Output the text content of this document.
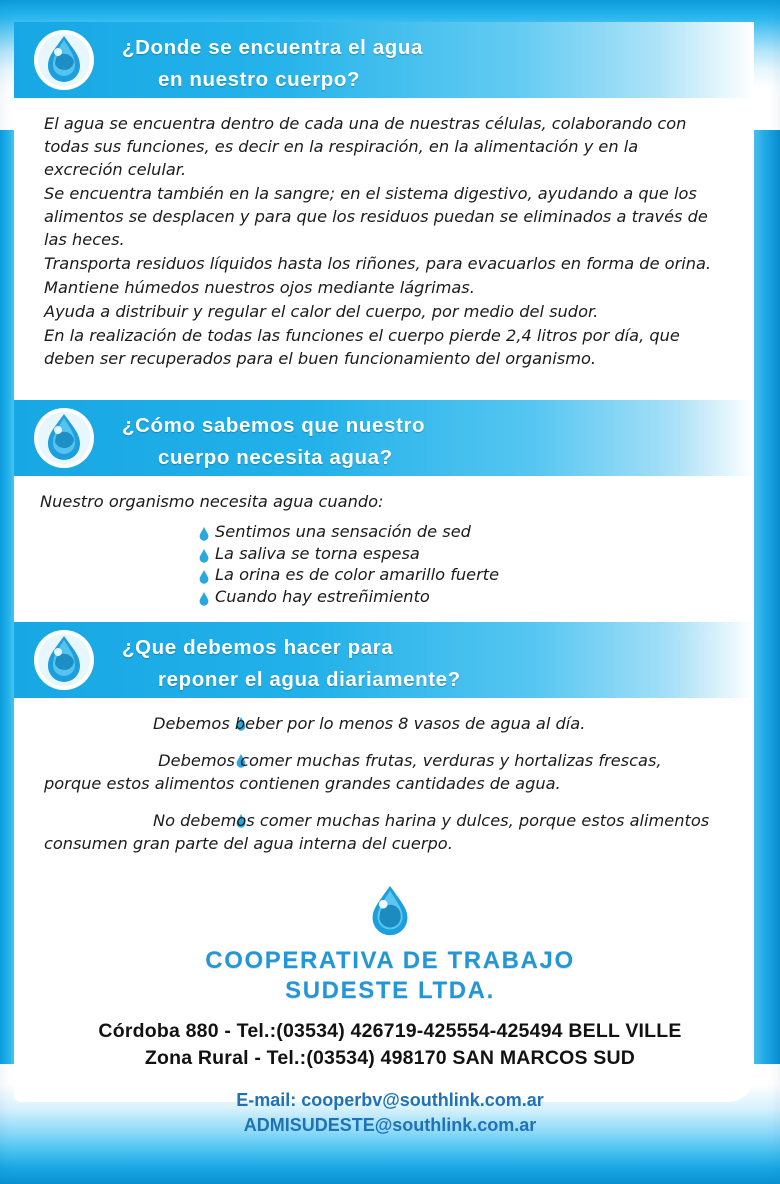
¿Donde se encuentra el agua
en nuestro cuerpo?

El agua se encuentra dentro de cada una de nuestras células, colaborando con todas sus funciones, es decir en la respiración, en la alimentación y en la excreción celular.

Se encuentra también en la sangre; en el sistema digestivo, ayudando a que los alimentos se desplacen y para que los residuos puedan se eliminados a través de las heces.

Transporta residuos líquidos hasta los riñones, para evacuarlos en forma de orina.

Mantiene húmedos nuestros ojos mediante lágrimas.

Ayuda a distribuir y regular el calor del cuerpo, por medio del sudor.

En la realización de todas las funciones el cuerpo pierde 2,4 litros por día, que deben ser recuperados para el buen funcionamiento del organismo.

¿Cómo sabemos que nuestro
cuerpo necesita agua?

Nuestro organismo necesita agua cuando:

Sentimos una sensación de sed
La saliva se torna espesa
La orina es de color amarillo fuerte
Cuando hay estreñimiento
¿Que debemos hacer para
reponer el agua diariamente?

Debemos beber por lo menos 8 vasos de agua al día.

Debemos comer muchas frutas, verduras y hortalizas frescas, porque estos alimentos contienen grandes cantidades de agua.

No debemos comer muchas harina y dulces, porque estos alimentos consumen gran parte del agua interna del cuerpo.

COOPERATIVA DE TRABAJO
SUDESTE LTDA.
Córdoba 880 - Tel.:(03534) 426719-425554-425494 BELL VILLE
Zona Rural - Tel.:(03534) 498170 SAN MARCOS SUD
E-mail: cooperbv@southlink.com.ar
ADMISUDESTE@southlink.com.ar
